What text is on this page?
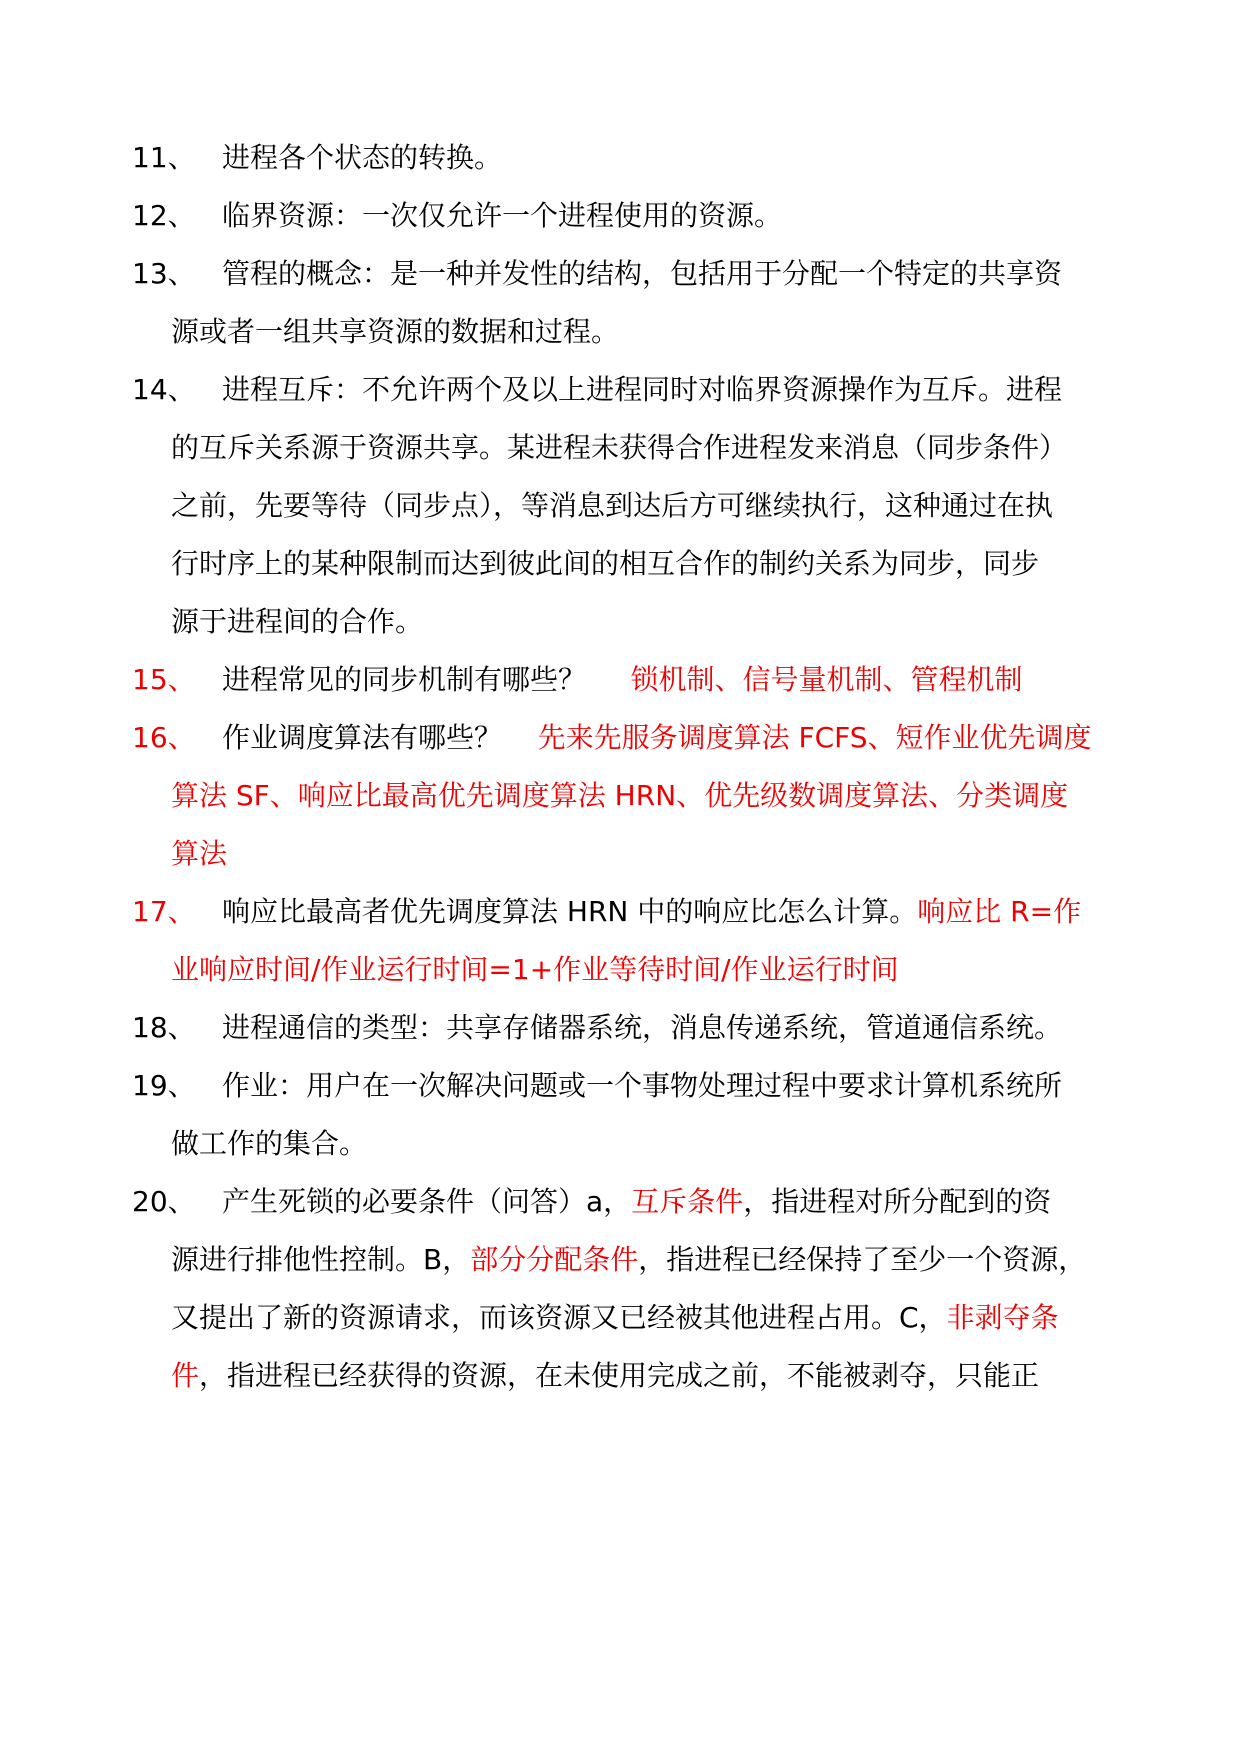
11、 进程各个状态的转换。
12、 临界资源：一次仅允许一个进程使用的资源。
13、 管程的概念：是一种并发性的结构，包括用于分配一个特定的共享资
源或者一组共享资源的数据和过程。
14、 进程互斥：不允许两个及以上进程同时对临界资源操作为互斥。进程
的互斥关系源于资源共享。某进程未获得合作进程发来消息（同步条件）
之前，先要等待（同步点），等消息到达后方可继续执行，这种通过在执
行时序上的某种限制而达到彼此间的相互合作的制约关系为同步，同步
源于进程间的合作。
15、 进程常见的同步机制有哪些？     锁机制、信号量机制、管程机制
16、 作业调度算法有哪些？    先来先服务调度算法 FCFS、短作业优先调度
算法 SF、响应比最高优先调度算法 HRN、优先级数调度算法、分类调度
算法
17、 响应比最高者优先调度算法 HRN 中的响应比怎么计算。响应比 R=作
业响应时间/作业运行时间=1+作业等待时间/作业运行时间
18、 进程通信的类型：共享存储器系统，消息传递系统，管道通信系统。
19、 作业：用户在一次解决问题或一个事物处理过程中要求计算机系统所
做工作的集合。
20、 产生死锁的必要条件（问答）a，互斥条件，指进程对所分配到的资
源进行排他性控制。B，部分分配条件，指进程已经保持了至少一个资源，
又提出了新的资源请求，而该资源又已经被其他进程占用。C，非剥夺条
件，指进程已经获得的资源，在未使用完成之前，不能被剥夺，只能正
